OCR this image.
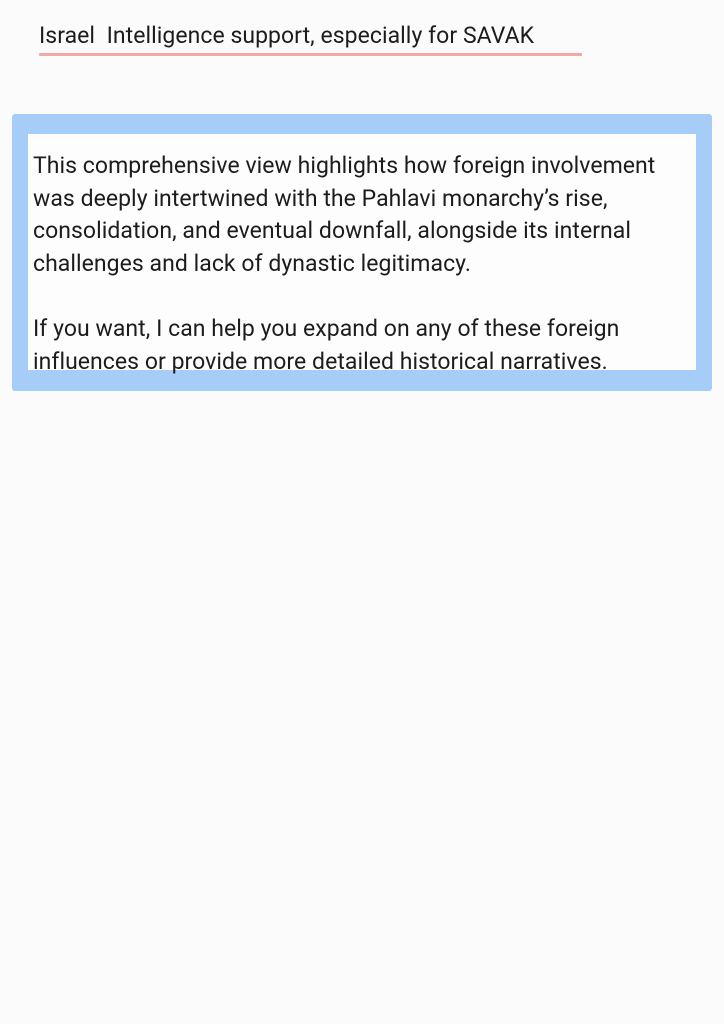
Israel  Intelligence support, especially for SAVAK
This comprehensive view highlights how foreign involvement
was deeply intertwined with the Pahlavi monarchy’s rise,
consolidation, and eventual downfall, alongside its internal
challenges and lack of dynastic legitimacy.
If you want, I can help you expand on any of these foreign
influences or provide more detailed historical narratives.
